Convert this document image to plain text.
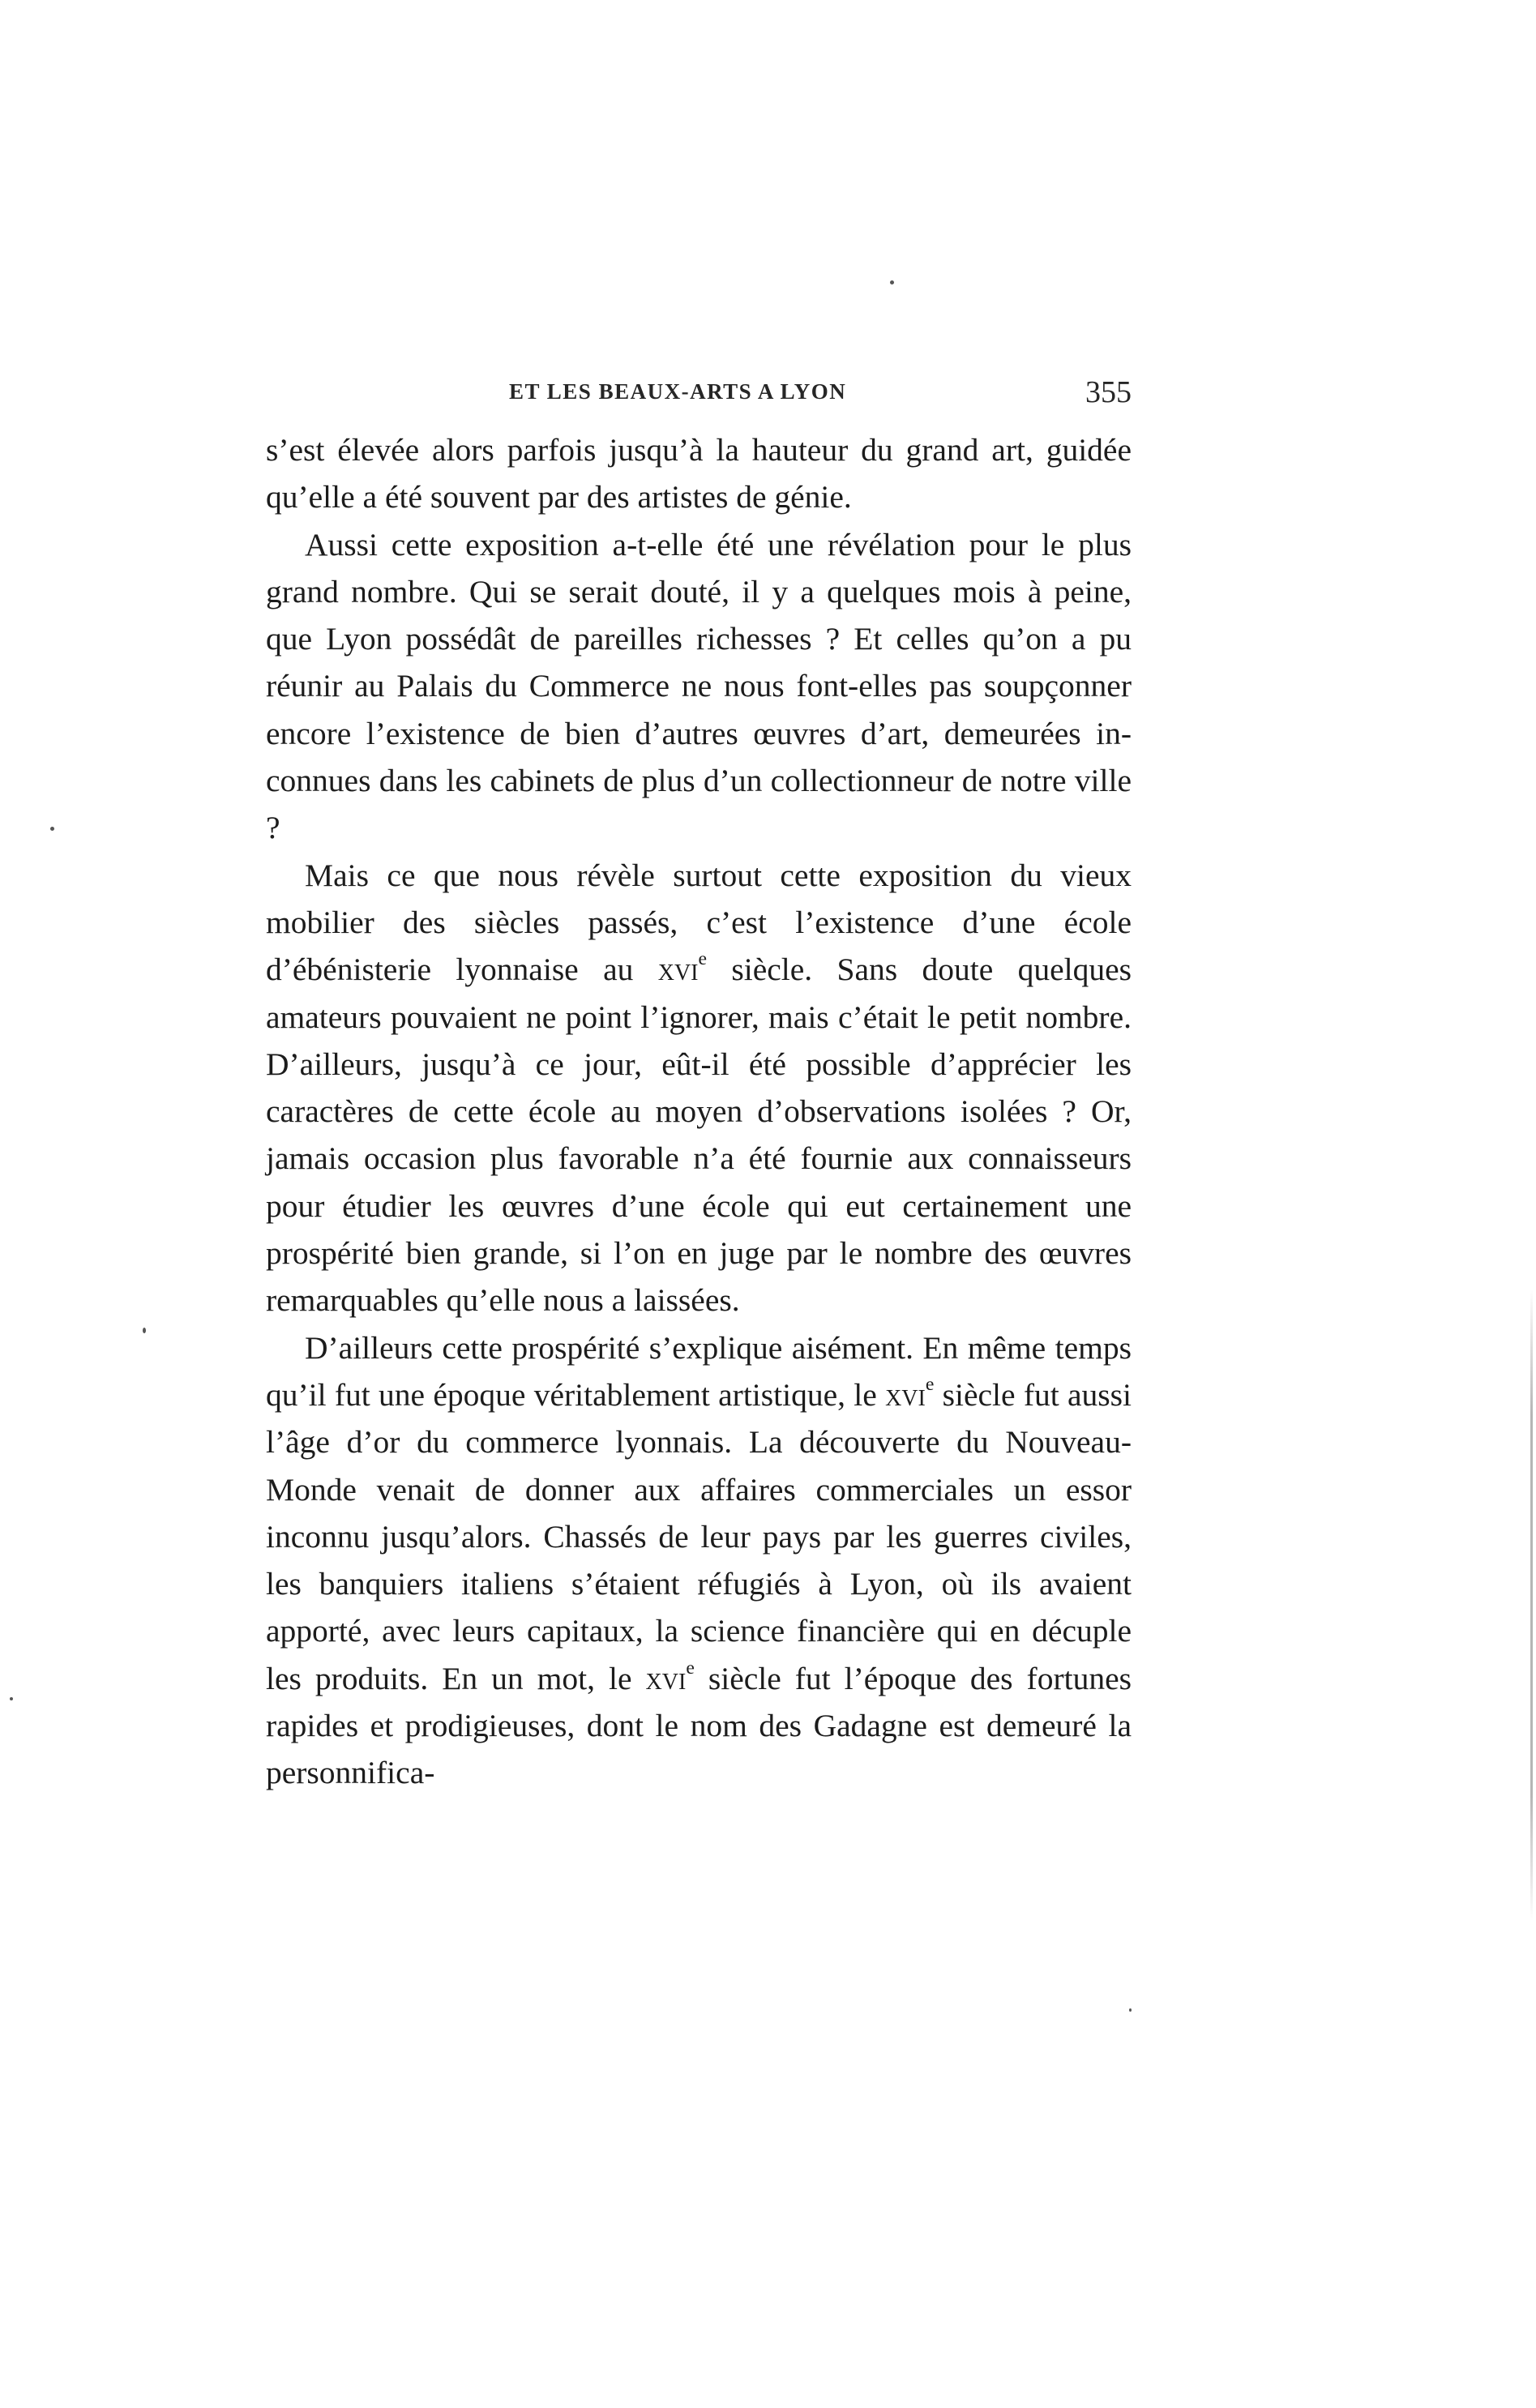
ET LES BEAUX-ARTS A LYON	355

s’est élevée alors parfois jusqu’à la hauteur du grand art, guidée qu’elle a été souvent par des artistes de génie.

Aussi cette exposition a-t-elle été une révélation pour le plus grand nombre. Qui se serait douté, il y a quelques mois à peine, que Lyon possédât de pareilles richesses ? Et celles qu’on a pu réunir au Palais du Commerce ne nous font-elles pas soupçonner encore l’existence de bien d’autres œuvres d’art, demeurées inconnues dans les cabinets de plus d’un collectionneur de notre ville ?

Mais ce que nous révèle surtout cette exposition du vieux mobilier des siècles passés, c’est l’existence d’une école d’ébénisterie lyonnaise au xvi$^e$ siècle. Sans doute quelques amateurs pouvaient ne point l’ignorer, mais c’était le petit nombre. D’ailleurs, jusqu’à ce jour, eût-il été possible d’apprécier les caractères de cette école au moyen d’observations isolées ? Or, jamais occasion plus favorable n’a été fournie aux connaisseurs pour étudier les œuvres d’une école qui eut certainement une prospérité bien grande, si l’on en juge par le nombre des œuvres remarquables qu’elle nous a laissées.

D’ailleurs cette prospérité s’explique aisément. En même temps qu’il fut une époque véritablement artistique, le xvi$^e$ siècle fut aussi l’âge d’or du commerce lyonnais. La découverte du Nouveau-Monde venait de donner aux affaires commerciales un essor inconnu jusqu’alors. Chassés de leur pays par les guerres civiles, les banquiers italiens s’étaient réfugiés à Lyon, où ils avaient apporté, avec leurs capitaux, la science financière qui en décuple les produits. En un mot, le xvi$^e$ siècle fut l’époque des fortunes rapides et prodigieuses, dont le nom des Gadagne est demeuré la personnifica-
